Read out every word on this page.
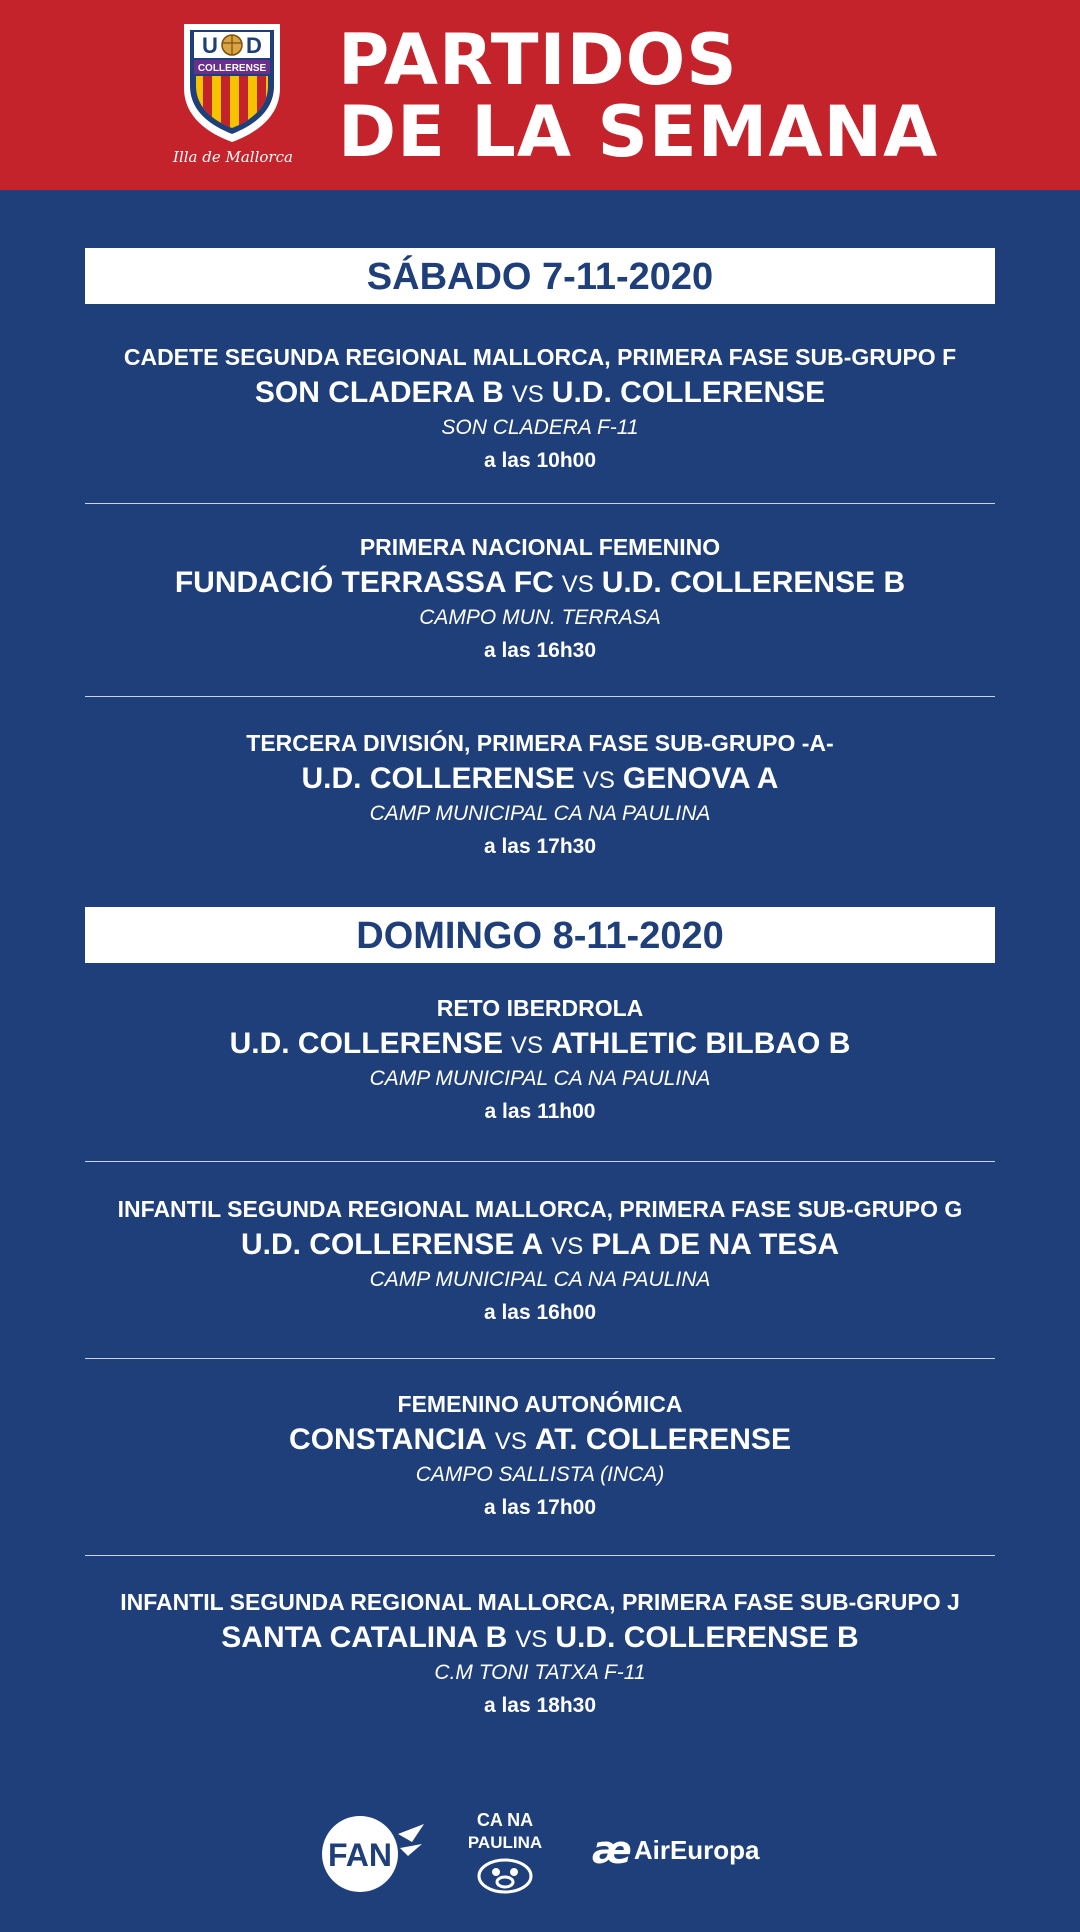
COLLERENSE
U D
Illa de Mallorca
PARTIDOS
DE LA SEMANA
SÁBADO 7-11-2020
CADETE SEGUNDA REGIONAL MALLORCA, PRIMERA FASE SUB-GRUPO F
SON CLADERA B VS U.D. COLLERENSE
SON CLADERA F-11
a las 10h00
PRIMERA NACIONAL FEMENINO
FUNDACIÓ TERRASSA FC VS U.D. COLLERENSE B
CAMPO MUN. TERRASA
a las 16h30
TERCERA DIVISIÓN, PRIMERA FASE SUB-GRUPO -A-
U.D. COLLERENSE VS GENOVA A
CAMP MUNICIPAL CA NA PAULINA
a las 17h30
DOMINGO 8-11-2020
RETO IBERDROLA
U.D. COLLERENSE VS ATHLETIC BILBAO B
CAMP MUNICIPAL CA NA PAULINA
a las 11h00
INFANTIL SEGUNDA REGIONAL MALLORCA, PRIMERA FASE SUB-GRUPO G
U.D. COLLERENSE A VS PLA DE NA TESA
CAMP MUNICIPAL CA NA PAULINA
a las 16h00
FEMENINO AUTONÓMICA
CONSTANCIA VS AT. COLLERENSE
CAMPO SALLISTA (INCA)
a las 17h00
INFANTIL SEGUNDA REGIONAL MALLORCA, PRIMERA FASE SUB-GRUPO J
SANTA CATALINA B VS U.D. COLLERENSE B
C.M TONI TATXA F-11
a las 18h30
FAN
CA NA
PAULINA æ AirEuropa
